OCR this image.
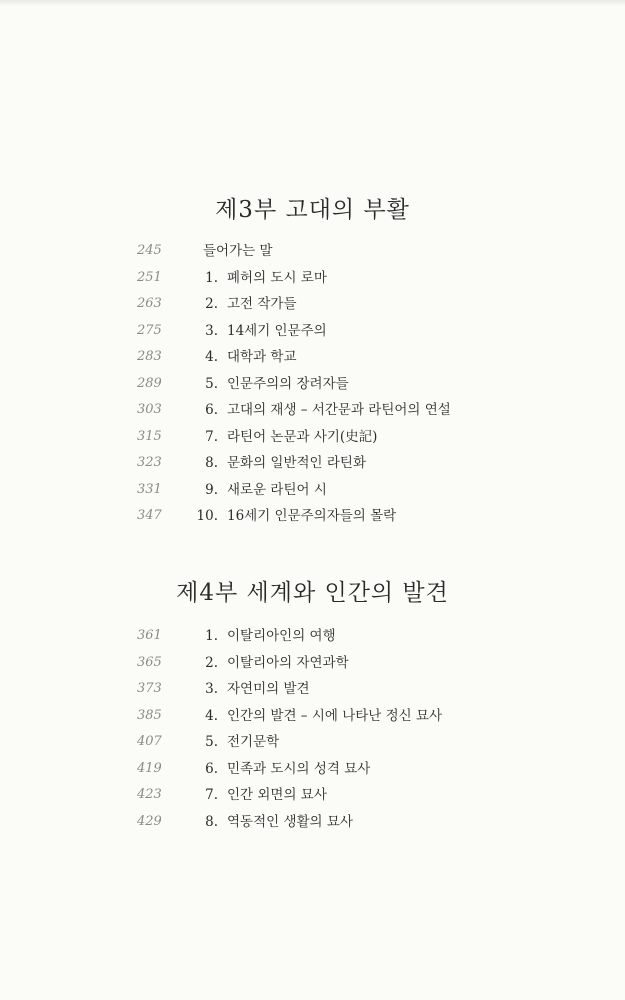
제3부 고대의 부활
245	들어가는 말
251	1. 폐허의 도시 로마
263	2. 고전 작가들
275	3. 14세기 인문주의
283	4. 대학과 학교
289	5. 인문주의의 장려자들
303	6. 고대의 재생 – 서간문과 라틴어의 연설
315	7. 라틴어 논문과 사기(史記)
323	8. 문화의 일반적인 라틴화
331	9. 새로운 라틴어 시
347	10. 16세기 인문주의자들의 몰락
제4부 세계와 인간의 발견
361	1. 이탈리아인의 여행
365	2. 이탈리아의 자연과학
373	3. 자연미의 발견
385	4. 인간의 발견 – 시에 나타난 정신 묘사
407	5. 전기문학
419	6. 민족과 도시의 성격 묘사
423	7. 인간 외면의 묘사
429	8. 역동적인 생활의 묘사
